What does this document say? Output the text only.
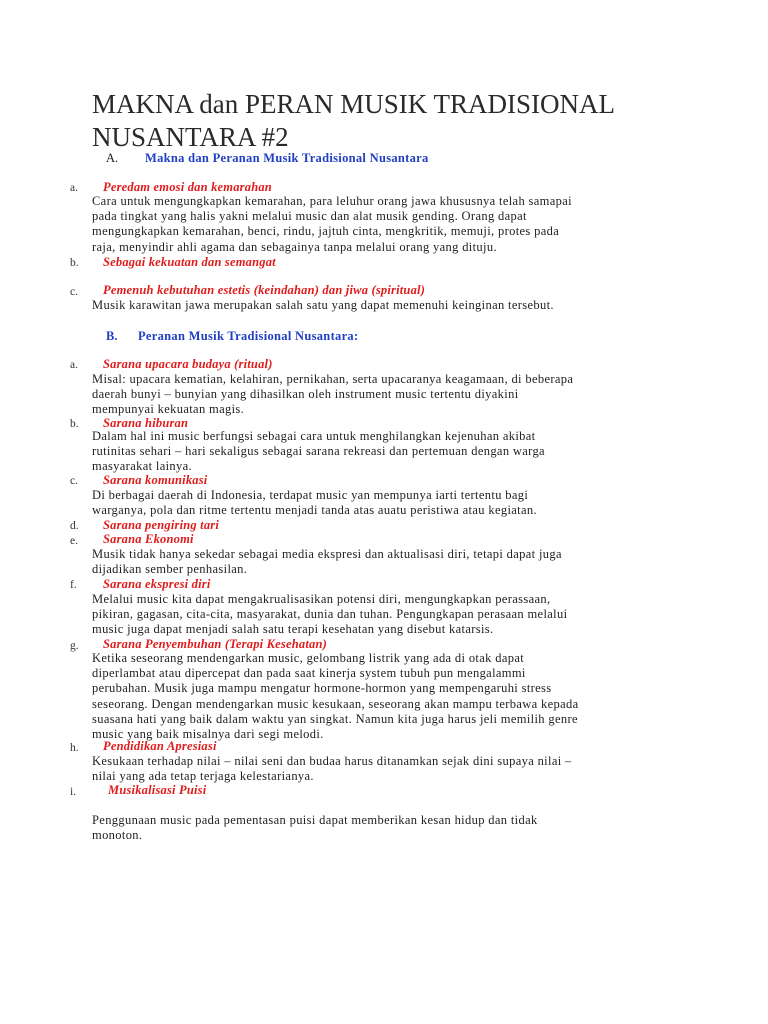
MAKNA dan PERAN MUSIK TRADISIONAL
NUSANTARA #2
A. Makna dan Peranan Musik Tradisional Nusantara
a. Peredam emosi dan kemarahan
Cara untuk mengungkapkan kemarahan, para leluhur orang jawa khususnya telah samapai
pada tingkat yang halis yakni melalui music dan alat musik gending. Orang dapat
mengungkapkan kemarahan, benci, rindu, jajtuh cinta, mengkritik, memuji, protes pada
raja, menyindir ahli agama dan sebagainya tanpa melalui orang yang dituju.
b. Sebagai kekuatan dan semangat
c. Pemenuh kebutuhan estetis (keindahan) dan jiwa (spiritual)
Musik karawitan jawa merupakan salah satu yang dapat memenuhi keinginan tersebut.
B. Peranan Musik Tradisional Nusantara:
a. Sarana upacara budaya (ritual)
Misal: upacara kematian, kelahiran, pernikahan, serta upacaranya keagamaan, di beberapa
daerah bunyi – bunyian yang dihasilkan oleh instrument music tertentu diyakini
mempunyai kekuatan magis.
b. Sarana hiburan
Dalam hal ini music berfungsi sebagai cara untuk menghilangkan kejenuhan akibat
rutinitas sehari – hari sekaligus sebagai sarana rekreasi dan pertemuan dengan warga
masyarakat lainya.
c. Sarana komunikasi
Di berbagai daerah di Indonesia, terdapat music yan mempunya iarti tertentu bagi
warganya, pola dan ritme tertentu menjadi tanda atas auatu peristiwa atau kegiatan.
d. Sarana pengiring tari
e. Sarana Ekonomi
Musik tidak hanya sekedar sebagai media ekspresi dan aktualisasi diri, tetapi dapat juga
dijadikan sember penhasilan.
f. Sarana ekspresi diri
Melalui music kita dapat mengakrualisasikan potensi diri, mengungkapkan perassaan,
pikiran, gagasan, cita-cita, masyarakat, dunia dan tuhan. Pengungkapan perasaan melalui
music juga dapat menjadi salah satu terapi kesehatan yang disebut katarsis.
g. Sarana Penyembuhan (Terapi Kesehatan)
Ketika seseorang mendengarkan music, gelombang listrik yang ada di otak dapat
diperlambat atau dipercepat dan pada saat kinerja system tubuh pun mengalammi
perubahan. Musik juga mampu mengatur hormone-hormon yang mempengaruhi stress
seseorang. Dengan mendengarkan music kesukaan, seseorang akan mampu terbawa kepada
suasana hati yang baik dalam waktu yan singkat. Namun kita juga harus jeli memilih genre
music yang baik misalnya dari segi melodi.
h. Pendidikan Apresiasi
Kesukaan terhadap nilai – nilai seni dan budaa harus ditanamkan sejak dini supaya nilai –
nilai yang ada tetap terjaga kelestarianya.
i.	Musikalisasi Puisi
Penggunaan music pada pementasan puisi dapat memberikan kesan hidup dan tidak
monoton.
